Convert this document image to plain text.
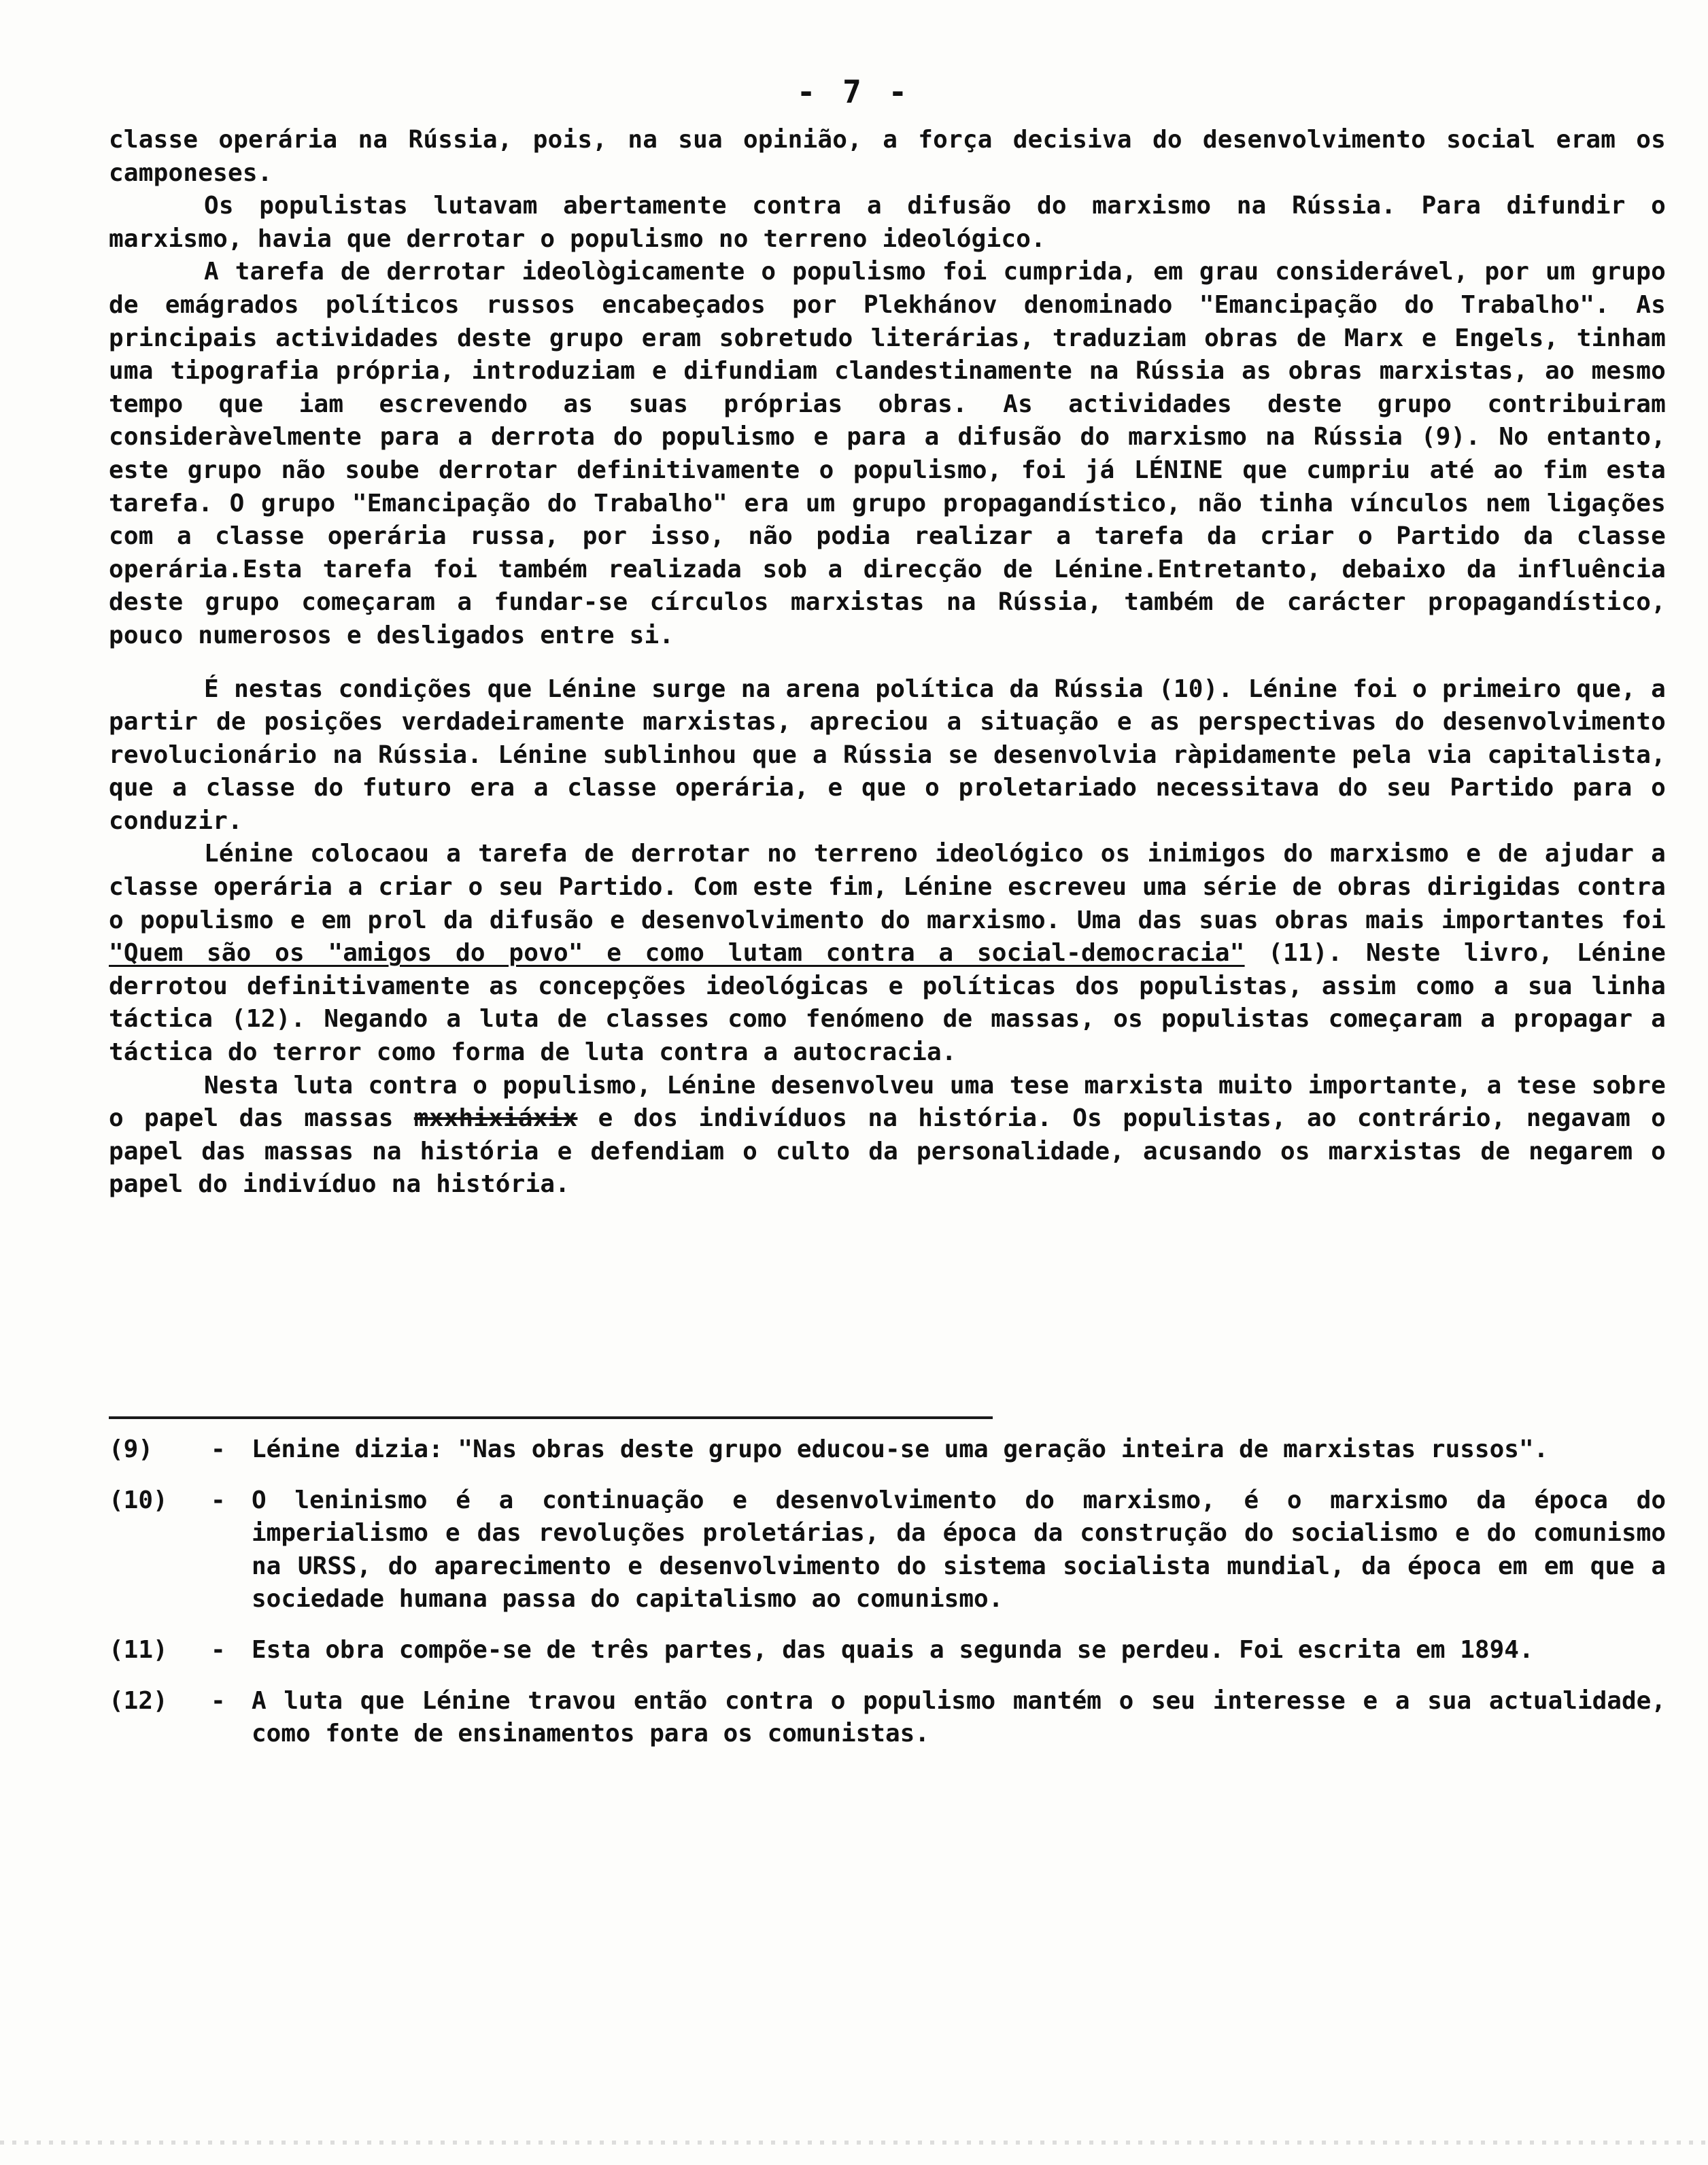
- 7 -

classe operária na Rússia, pois, na sua opinião, a força decisiva do desenvolvimento social eram os camponeses.

Os populistas lutavam abertamente contra a difusão do marxismo na Rússia. Para difundir o marxismo, havia que derrotar o populismo no terreno ideológico.

A tarefa de derrotar ideològicamente o populismo foi cumprida, em grau considerável, por um grupo de emágrados políticos russos encabeçados por Plekhánov denominado "Emancipação do Trabalho". As principais actividades deste grupo eram sobretudo literárias, traduziam obras de Marx e Engels, tinham uma tipografia própria, introduziam e difundiam clandestinamente na Rússia as obras marxistas, ao mesmo tempo que iam escrevendo as suas próprias obras. As actividades deste grupo contribuiram consideràvelmente para a derrota do populismo e para a difusão do marxismo na Rússia (9). No entanto, este grupo não soube derrotar definitivamente o populismo, foi já LÉNINE que cumpriu até ao fim esta tarefa. O grupo "Emancipação do Trabalho" era um grupo propagandístico, não tinha vínculos nem ligações com a classe operária russa, por isso, não podia realizar a tarefa da criar o Partido da classe operária.Esta tarefa foi também realizada sob a direcção de Lénine.Entretanto, debaixo da influência deste grupo começaram a fundar-se círculos marxistas na Rússia, também de carácter propagandístico, pouco numerosos e desligados entre si.

É nestas condições que Lénine surge na arena política da Rússia (10). Lénine foi o primeiro que, a partir de posições verdadeiramente marxistas, apreciou a situação e as perspectivas do desenvolvimento revolucionário na Rússia. Lénine sublinhou que a Rússia se desenvolvia ràpidamente pela via capitalista, que a classe do futuro era a classe operária, e que o proletariado necessitava do seu Partido para o conduzir.

Lénine colocaou a tarefa de derrotar no terreno ideológico os inimigos do marxismo e de ajudar a classe operária a criar o seu Partido. Com este fim, Lénine escreveu uma série de obras dirigidas contra o populismo e em prol da difusão e desenvolvimento do marxismo. Uma das suas obras mais importantes foi "Quem são os "amigos do povo" e como lutam contra a social-democracia" (11). Neste livro, Lénine derrotou definitivamente as concepções ideológicas e políticas dos populistas, assim como a sua linha táctica (12). Negando a luta de classes como fenómeno de massas, os populistas começaram a propagar a táctica do terror como forma de luta contra a autocracia.

Nesta luta contra o populismo, Lénine desenvolveu uma tese marxista muito importante, a tese sobre o papel das massas mxxhixiáxix e dos indivíduos na história. Os populistas, ao contrário, negavam o papel das massas na história e defendiam o culto da personalidade, acusando os marxistas de negarem o papel do indivíduo na história.

(9)	-	Lénine dizia: "Nas obras deste grupo educou-se uma geração inteira de marxistas russos".
(10)	-	O leninismo é a continuação e desenvolvimento do marxismo, é o marxismo da época do imperialismo e das revoluções proletárias, da época da construção do socialismo e do comunismo na URSS, do aparecimento e desenvolvimento do sistema socialista mundial, da época em em que a sociedade humana passa do capitalismo ao comunismo.
(11)	-	Esta obra compõe-se de três partes, das quais a segunda se perdeu. Foi escrita em 1894.
(12)	-	A luta que Lénine travou então contra o populismo mantém o seu interesse e a sua actualidade, como fonte de ensinamentos para os comunistas.
